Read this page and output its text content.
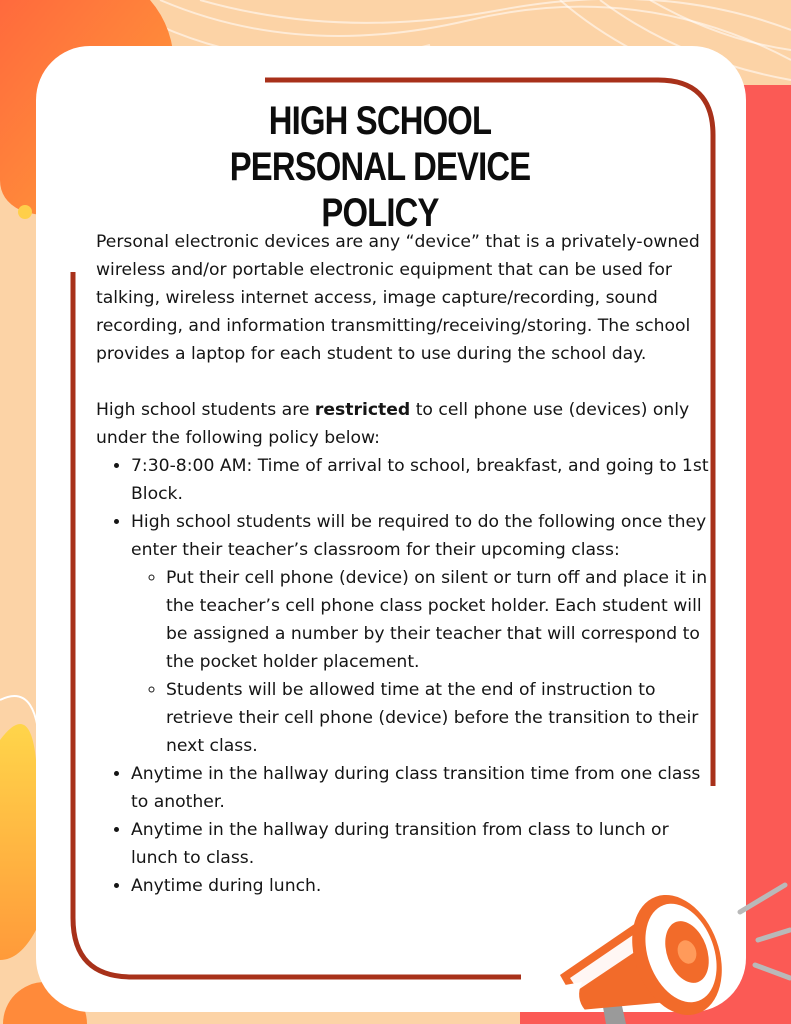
HIGH SCHOOL
PERSONAL DEVICE POLICY

Personal electronic devices are any “device” that is a privately-owned wireless and/or portable electronic equipment that can be used for talking, wireless internet access, image capture/recording, sound recording, and information transmitting/receiving/storing. The school provides a laptop for each student to use during the school day.

High school students are restricted to cell phone use (devices) only under the following policy below:

• 7:30-8:00 AM: Time of arrival to school, breakfast, and going to 1st Block.
• High school students will be required to do the following once they enter their teacher’s classroom for their upcoming class:
◦ Put their cell phone (device) on silent or turn off and place it in the teacher’s cell phone class pocket holder. Each student will be assigned a number by their teacher that will correspond to the pocket holder placement.
◦ Students will be allowed time at the end of instruction to retrieve their cell phone (device) before the transition to their next class.
• Anytime in the hallway during class transition time from one class to another.
• Anytime in the hallway during transition from class to lunch or lunch to class.
• Anytime during lunch.
